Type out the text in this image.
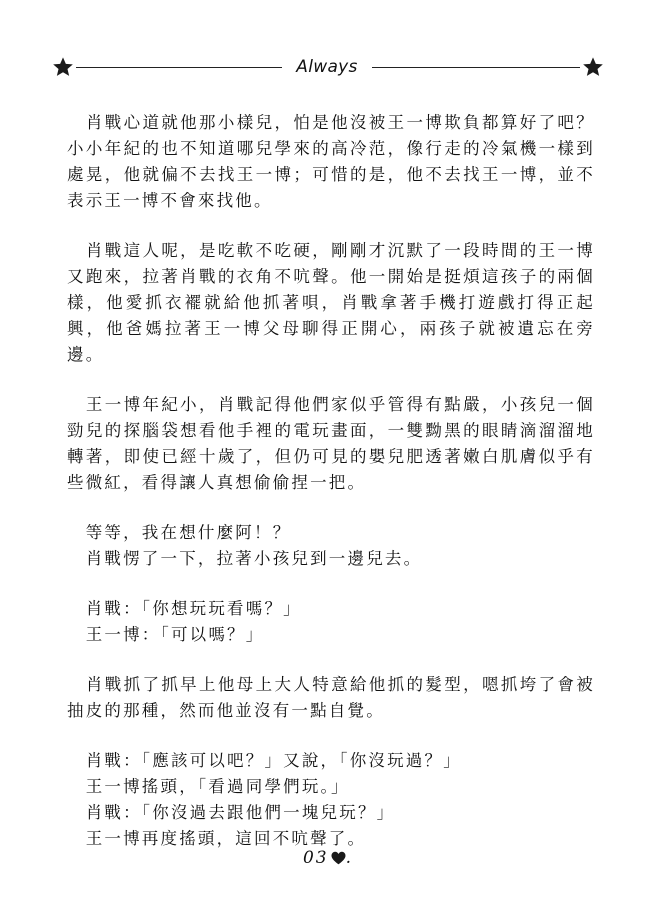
Always

　肖戰心道就他那小樣兒，怕是他沒被王一博欺負都算好了吧？小小年紀的也不知道哪兒學來的高冷范，像行走的冷氣機一樣到處晃，他就偏不去找王一博；可惜的是，他不去找王一博，並不表示王一博不會來找他。

　肖戰這人呢，是吃軟不吃硬，剛剛才沉默了一段時間的王一博又跑來，拉著肖戰的衣角不吭聲。他一開始是挺煩這孩子的兩個樣，他愛抓衣襬就給他抓著唄，肖戰拿著手機打遊戲打得正起興，他爸媽拉著王一博父母聊得正開心，兩孩子就被遺忘在旁邊。

　王一博年紀小，肖戰記得他們家似乎管得有點嚴，小孩兒一個勁兒的探腦袋想看他手裡的電玩畫面，一雙黝黑的眼睛滴溜溜地轉著，即使已經十歲了，但仍可見的嬰兒肥透著嫩白肌膚似乎有些微紅，看得讓人真想偷偷捏一把。

　等等，我在想什麼阿！？

　肖戰愣了一下，拉著小孩兒到一邊兒去。

　肖戰：「你想玩玩看嗎？」

　王一博：「可以嗎？」

　肖戰抓了抓早上他母上大人特意給他抓的髮型，嗯抓垮了會被抽皮的那種，然而他並沒有一點自覺。

　肖戰：「應該可以吧？」又說，「你沒玩過？」

　王一博搖頭，「看過同學們玩。」

　肖戰：「你沒過去跟他們一塊兒玩？」

　王一博再度搖頭，這回不吭聲了。

03 .
